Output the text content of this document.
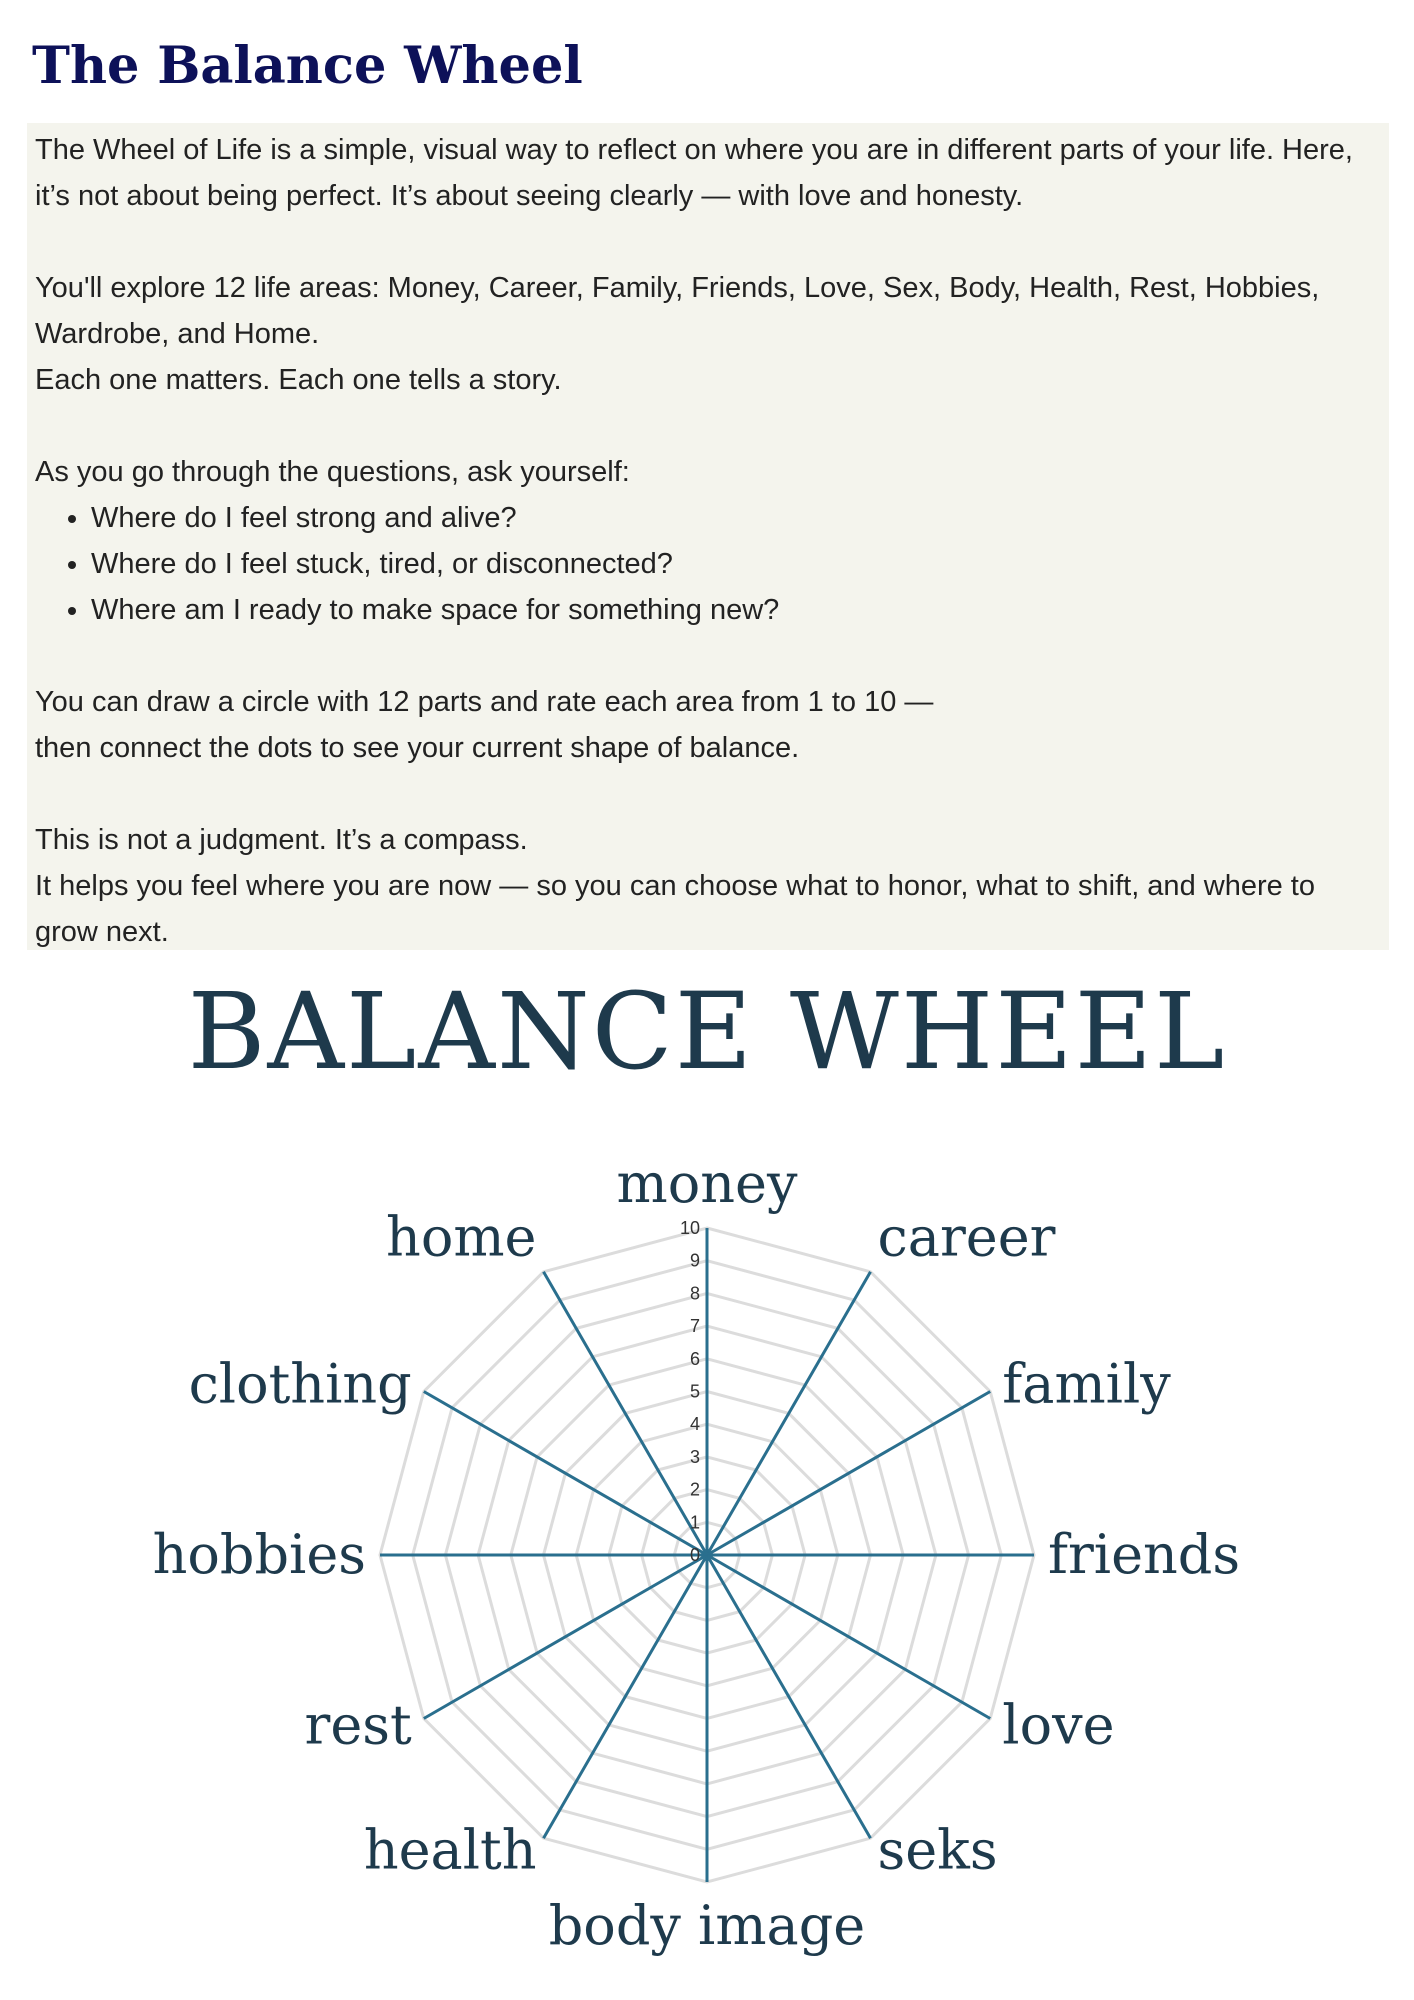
The Balance Wheel

The Wheel of Life is a simple, visual way to reflect on where you are in different parts of your life. Here, it’s not about being perfect. It’s about seeing clearly — with love and honesty.

You'll explore 12 life areas: Money, Career, Family, Friends, Love, Sex, Body, Health, Rest, Hobbies, Wardrobe, and Home.

Each one matters. Each one tells a story.

As you go through the questions, ask yourself:

• Where do I feel strong and alive?
• Where do I feel stuck, tired, or disconnected?
• Where am I ready to make space for something new?

You can draw a circle with 12 parts and rate each area from 1 to 10 —

then connect the dots to see your current shape of balance.

This is not a judgment. It’s a compass.

It helps you feel where you are now — so you can choose what to honor, what to shift, and where to grow next.

BALANCE WHEEL
0
1
2
3
4
5
6
7
8
9
10
money
career
family
friends
love
seks
body image
health
rest
hobbies
clothing
home
